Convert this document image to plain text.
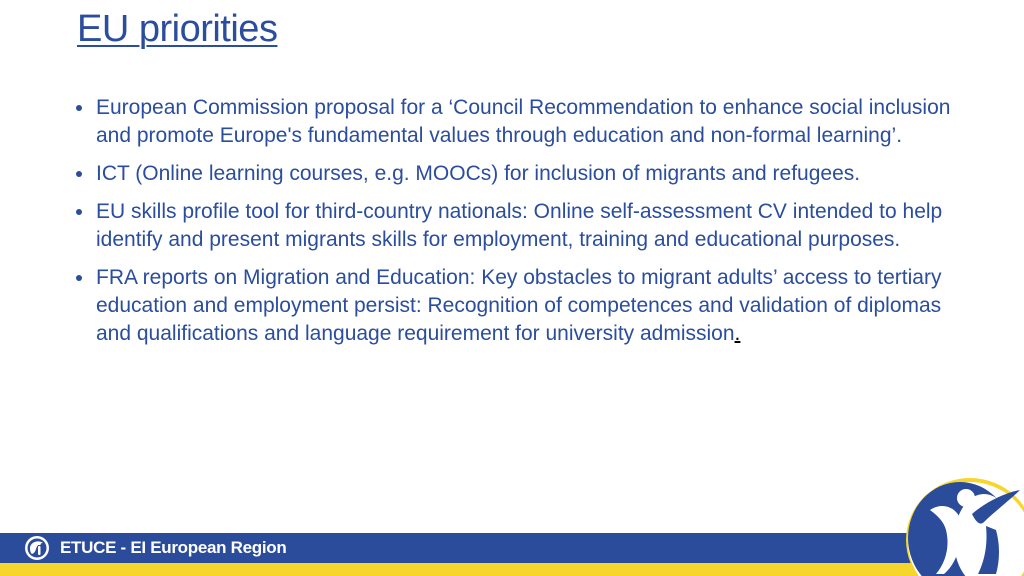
EU priorities
European Commission proposal for a ‘Council Recommendation to enhance social inclusion and promote Europe's fundamental values through education and non-formal learning’.
ICT (Online learning courses, e.g. MOOCs) for inclusion of migrants and refugees.
EU skills profile tool for third-country nationals: Online self-assessment CV intended to help identify and present migrants skills for employment, training and educational purposes.
FRA reports on Migration and Education: Key obstacles to migrant adults’ access to tertiary education and employment persist: Recognition of competences and validation of diplomas and qualifications and language requirement for university admission.
ETUCE - EI European Region
